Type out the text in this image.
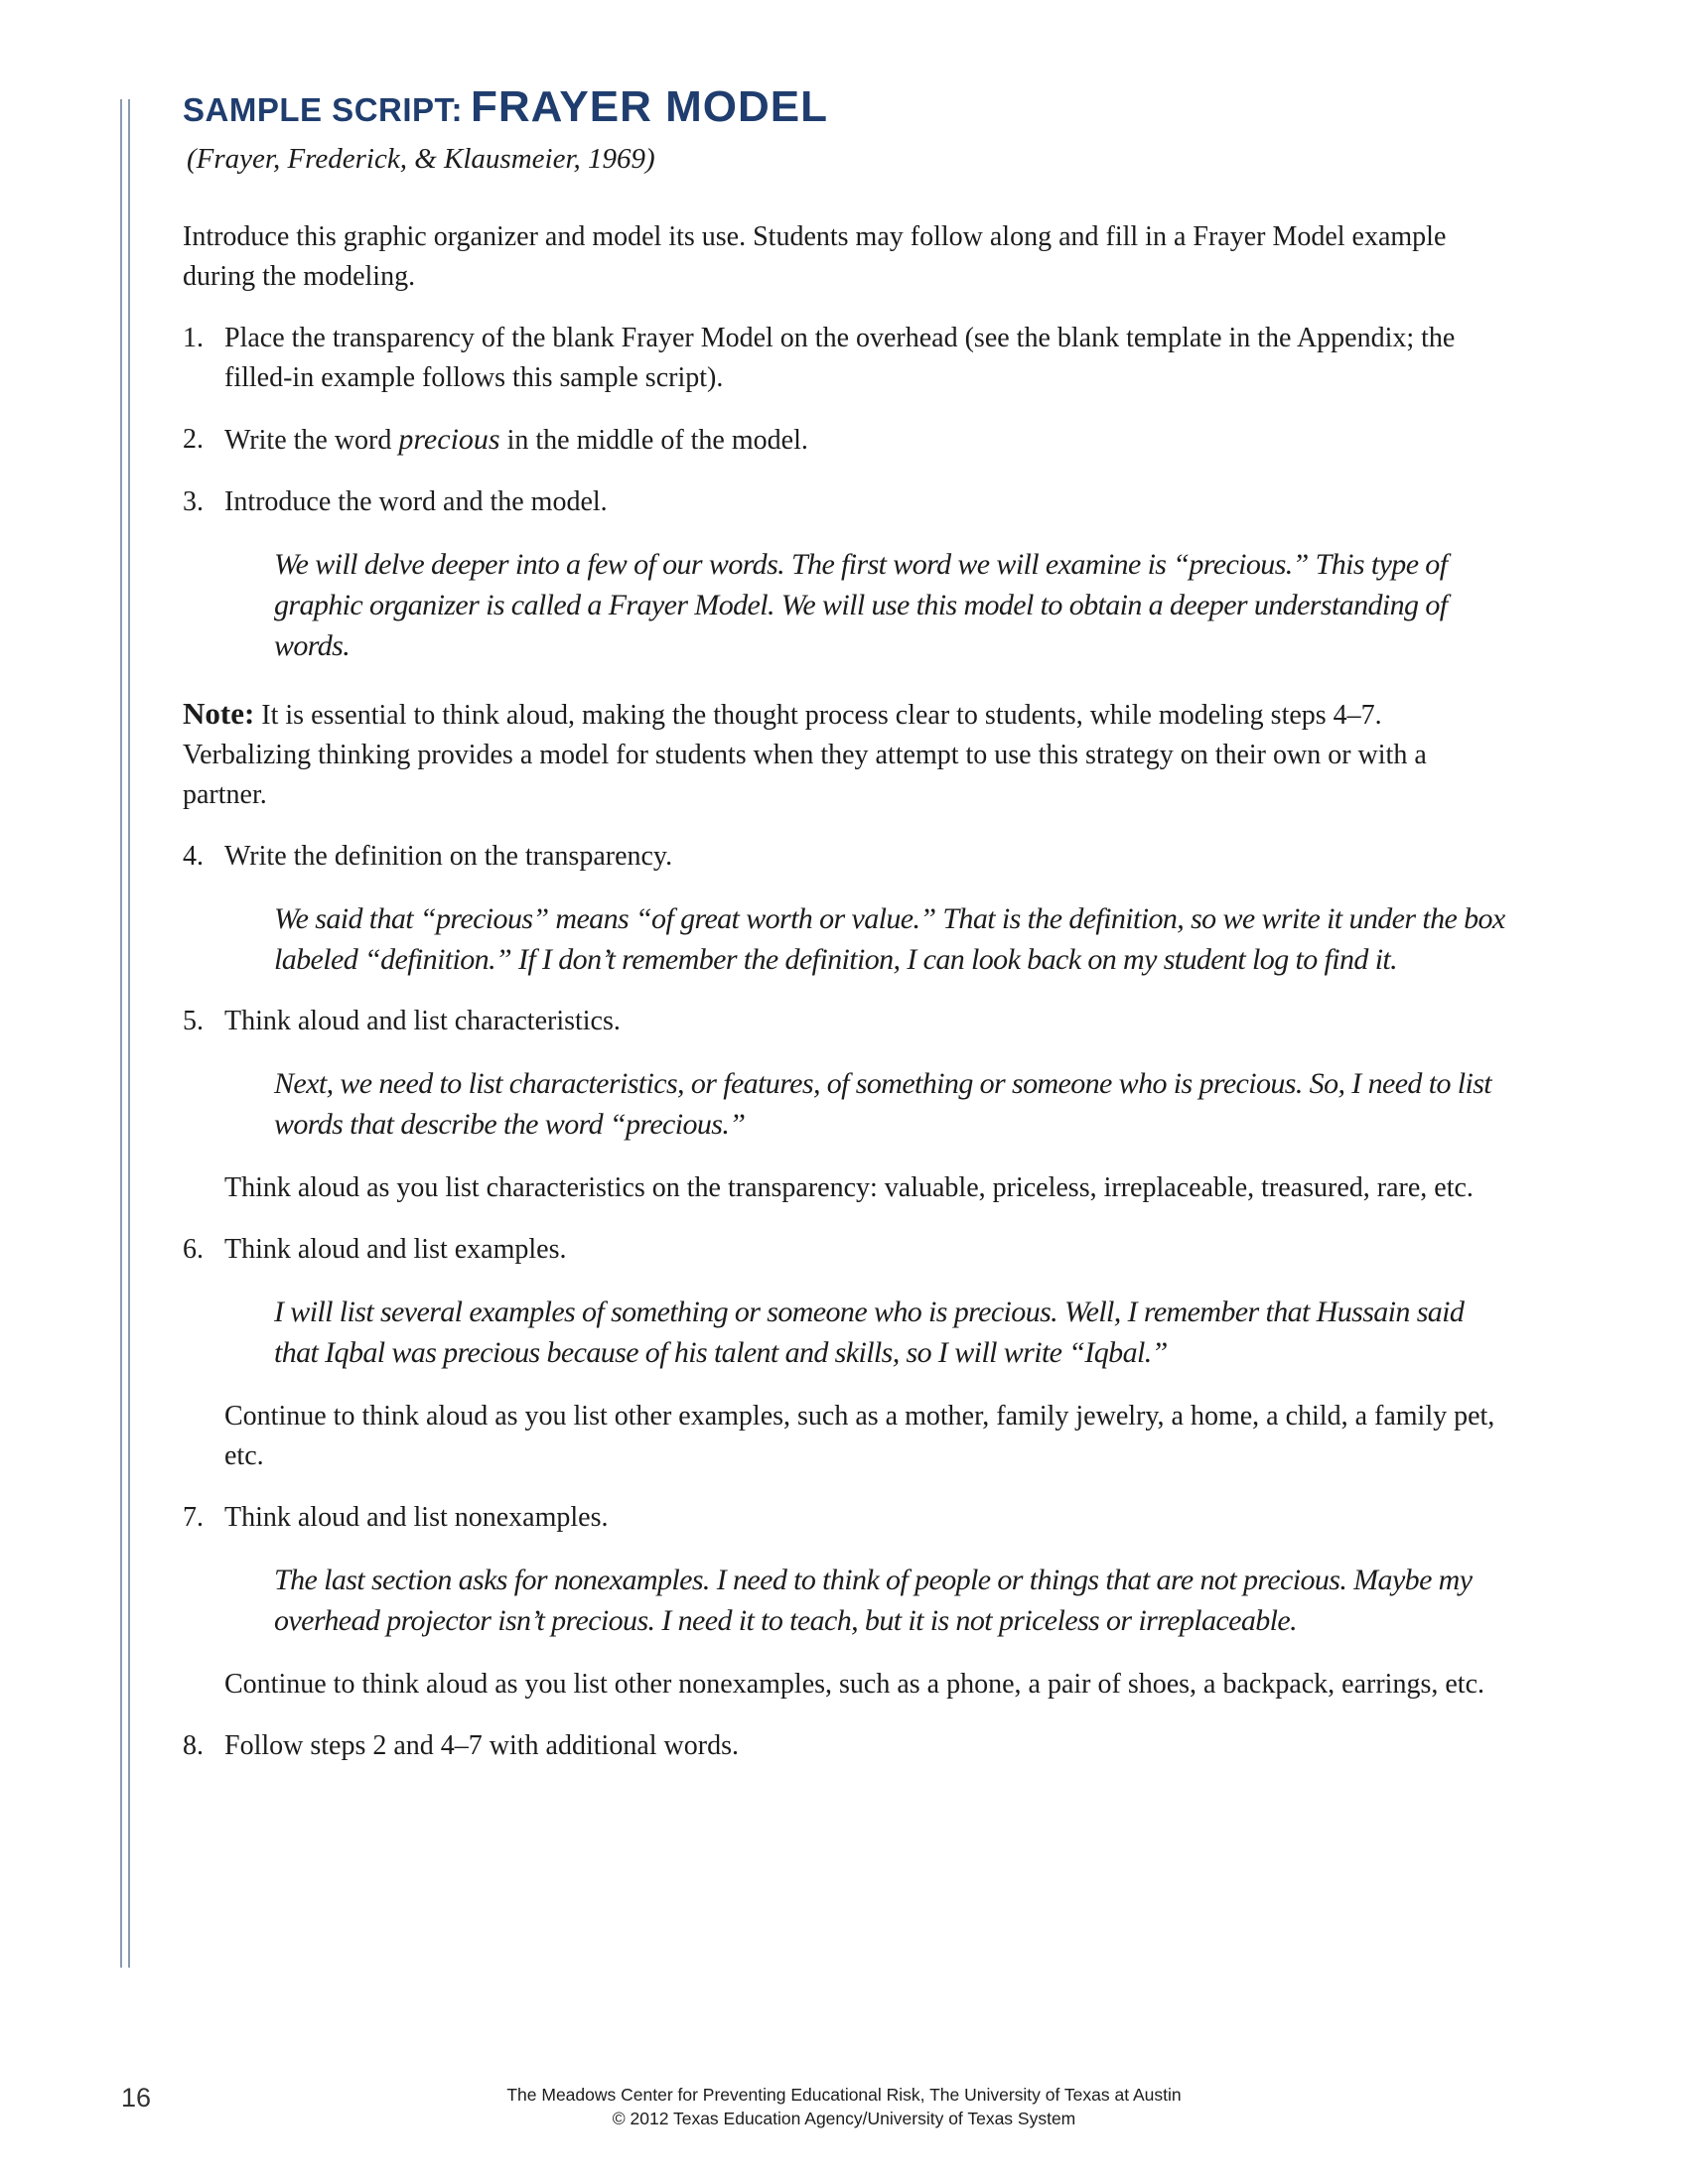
SAMPLE SCRIPT: FRAYER MODEL
(Frayer, Frederick, & Klausmeier, 1969)

Introduce this graphic organizer and model its use. Students may follow along and fill in a Frayer Model example during the modeling.

1. Place the transparency of the blank Frayer Model on the overhead (see the blank template in the Appendix; the filled-in example follows this sample script).

2. Write the word precious in the middle of the model.

3. Introduce the word and the model.

We will delve deeper into a few of our words. The first word we will examine is “precious.” This type of graphic organizer is called a Frayer Model. We will use this model to obtain a deeper understanding of words.

Note: It is essential to think aloud, making the thought process clear to students, while modeling steps 4–7. Verbalizing thinking provides a model for students when they attempt to use this strategy on their own or with a partner.

4. Write the definition on the transparency.

We said that “precious” means “of great worth or value.” That is the definition, so we write it under the box labeled “definition.” If I don’t remember the definition, I can look back on my student log to find it.

5. Think aloud and list characteristics.

Next, we need to list characteristics, or features, of something or someone who is precious. So, I need to list words that describe the word “precious.”

Think aloud as you list characteristics on the transparency: valuable, priceless, irreplaceable, treasured, rare, etc.

6. Think aloud and list examples.

I will list several examples of something or someone who is precious. Well, I remember that Hussain said that Iqbal was precious because of his talent and skills, so I will write “Iqbal.”

Continue to think aloud as you list other examples, such as a mother, family jewelry, a home, a child, a family pet, etc.

7. Think aloud and list nonexamples.

The last section asks for nonexamples. I need to think of people or things that are not precious. Maybe my overhead projector isn’t precious. I need it to teach, but it is not priceless or irreplaceable.

Continue to think aloud as you list other nonexamples, such as a phone, a pair of shoes, a backpack, earrings, etc.

8. Follow steps 2 and 4–7 with additional words.

16	The Meadows Center for Preventing Educational Risk, The University of Texas at Austin
© 2012 Texas Education Agency/University of Texas System
